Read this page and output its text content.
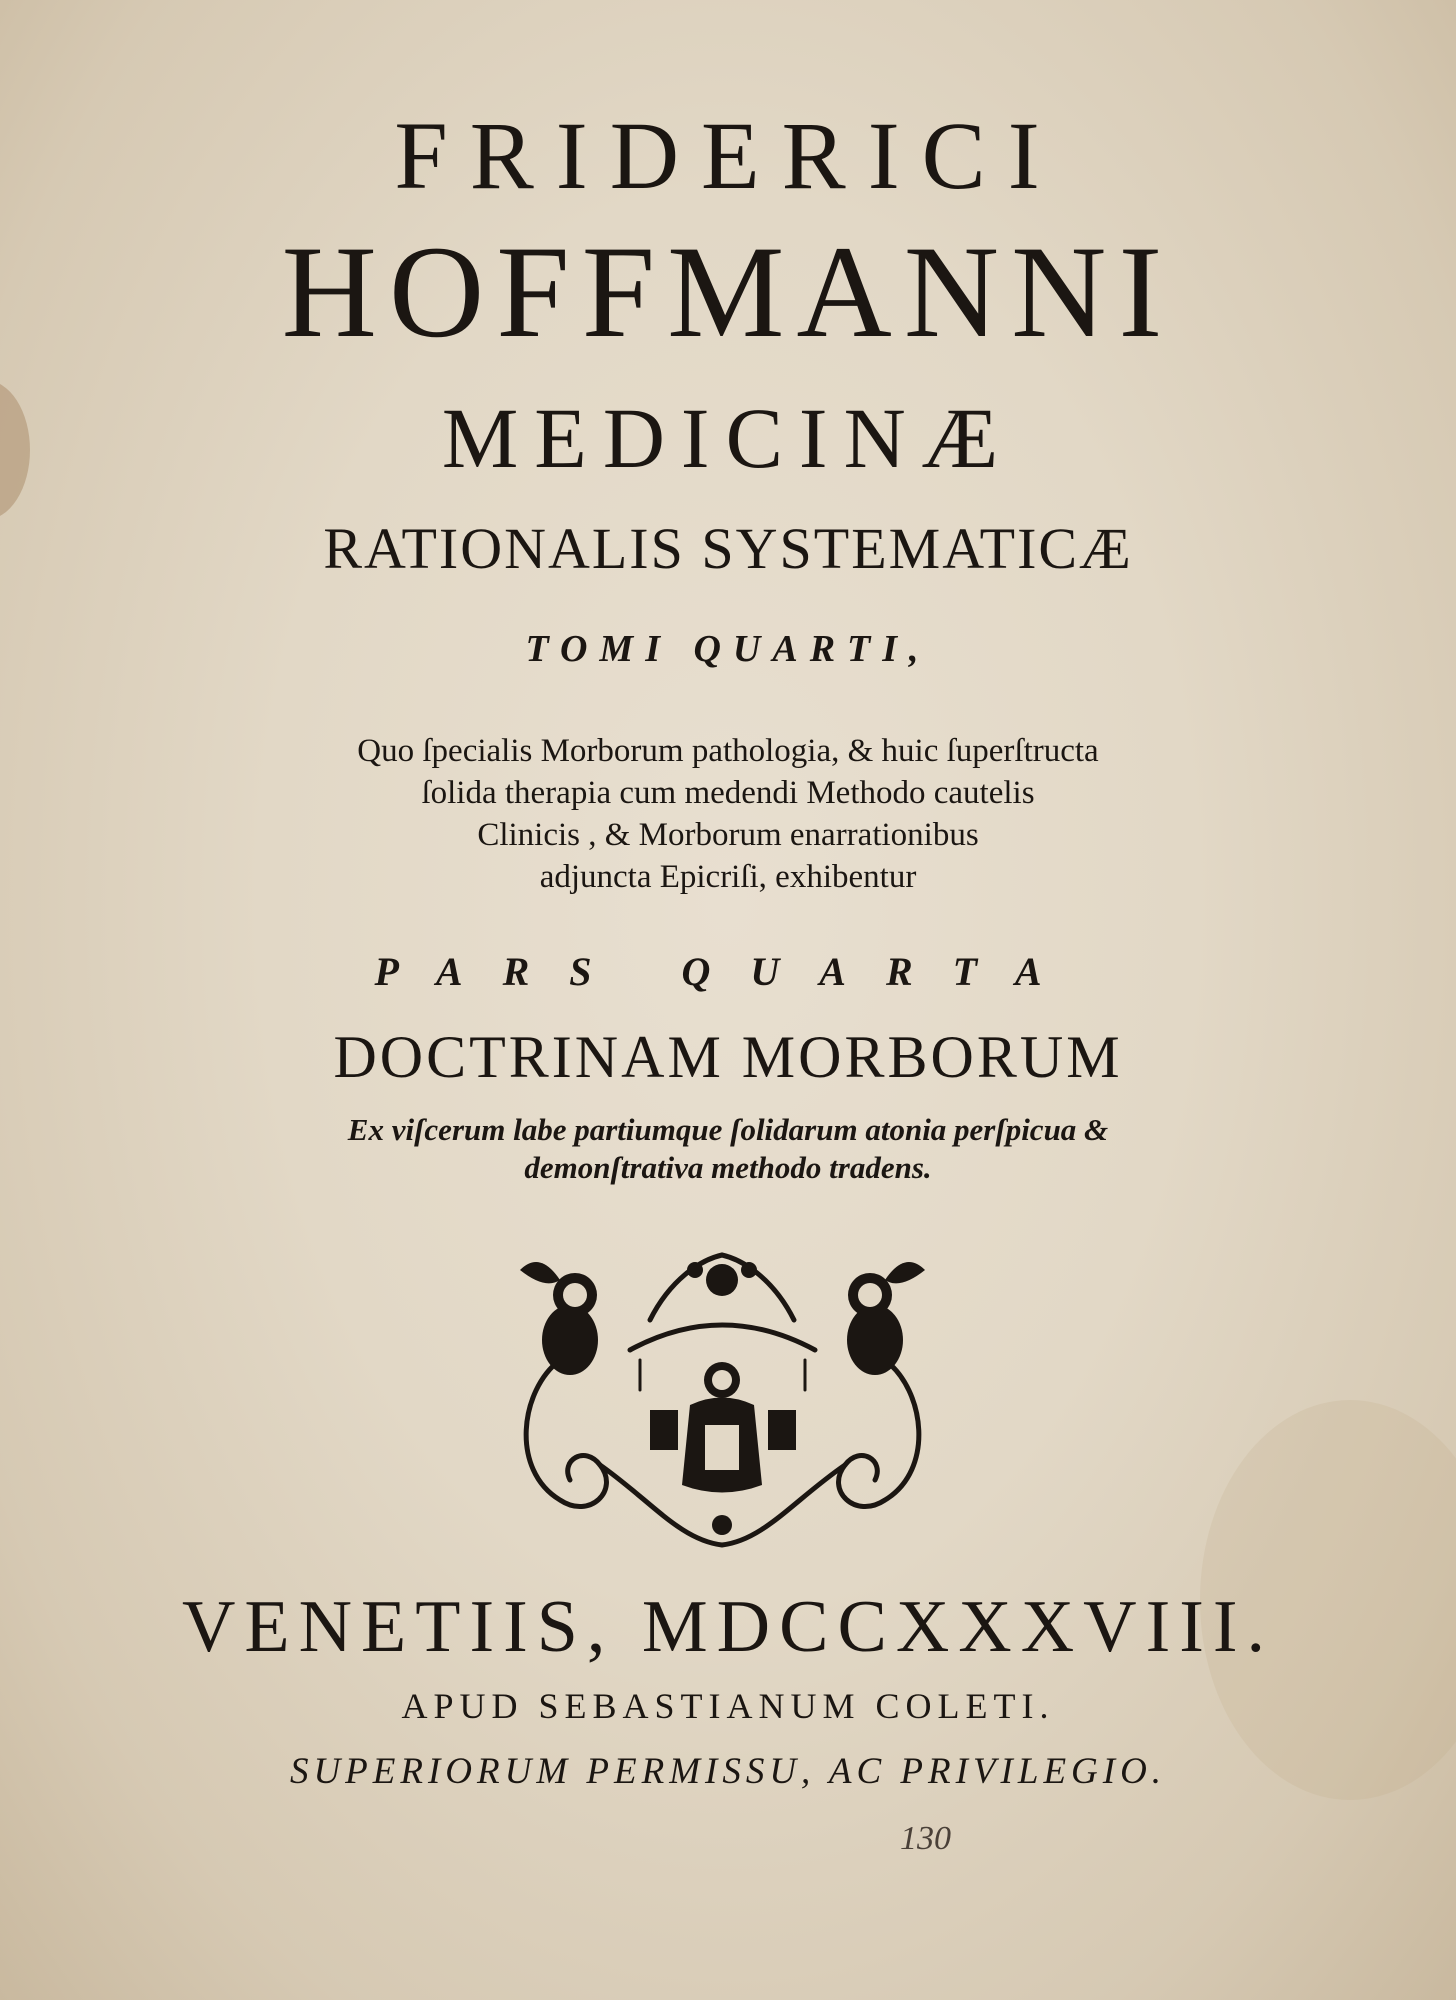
FRIDERICI
HOFFMANNI
MEDICINÆ
RATIONALIS SYSTEMATICÆ
TOMI QUARTI,
Quo ſpecialis Morborum pathologia, & huic ſuperſtructa
ſolida therapia cum medendi Methodo cautelis
Clinicis , & Morborum enarrationibus
adjuncta Epicriſi, exhibentur
PARS QUARTA
DOCTRINAM MORBORUM
Ex viſcerum labe partiumque ſolidarum atonia perſpicua &
demonſtrativa methodo tradens.
VENETIIS, MDCCXXXVIII.
APUD SEBASTIANUM COLETI.
SUPERIORUM PERMISSU, AC PRIVILEGIO.
130
